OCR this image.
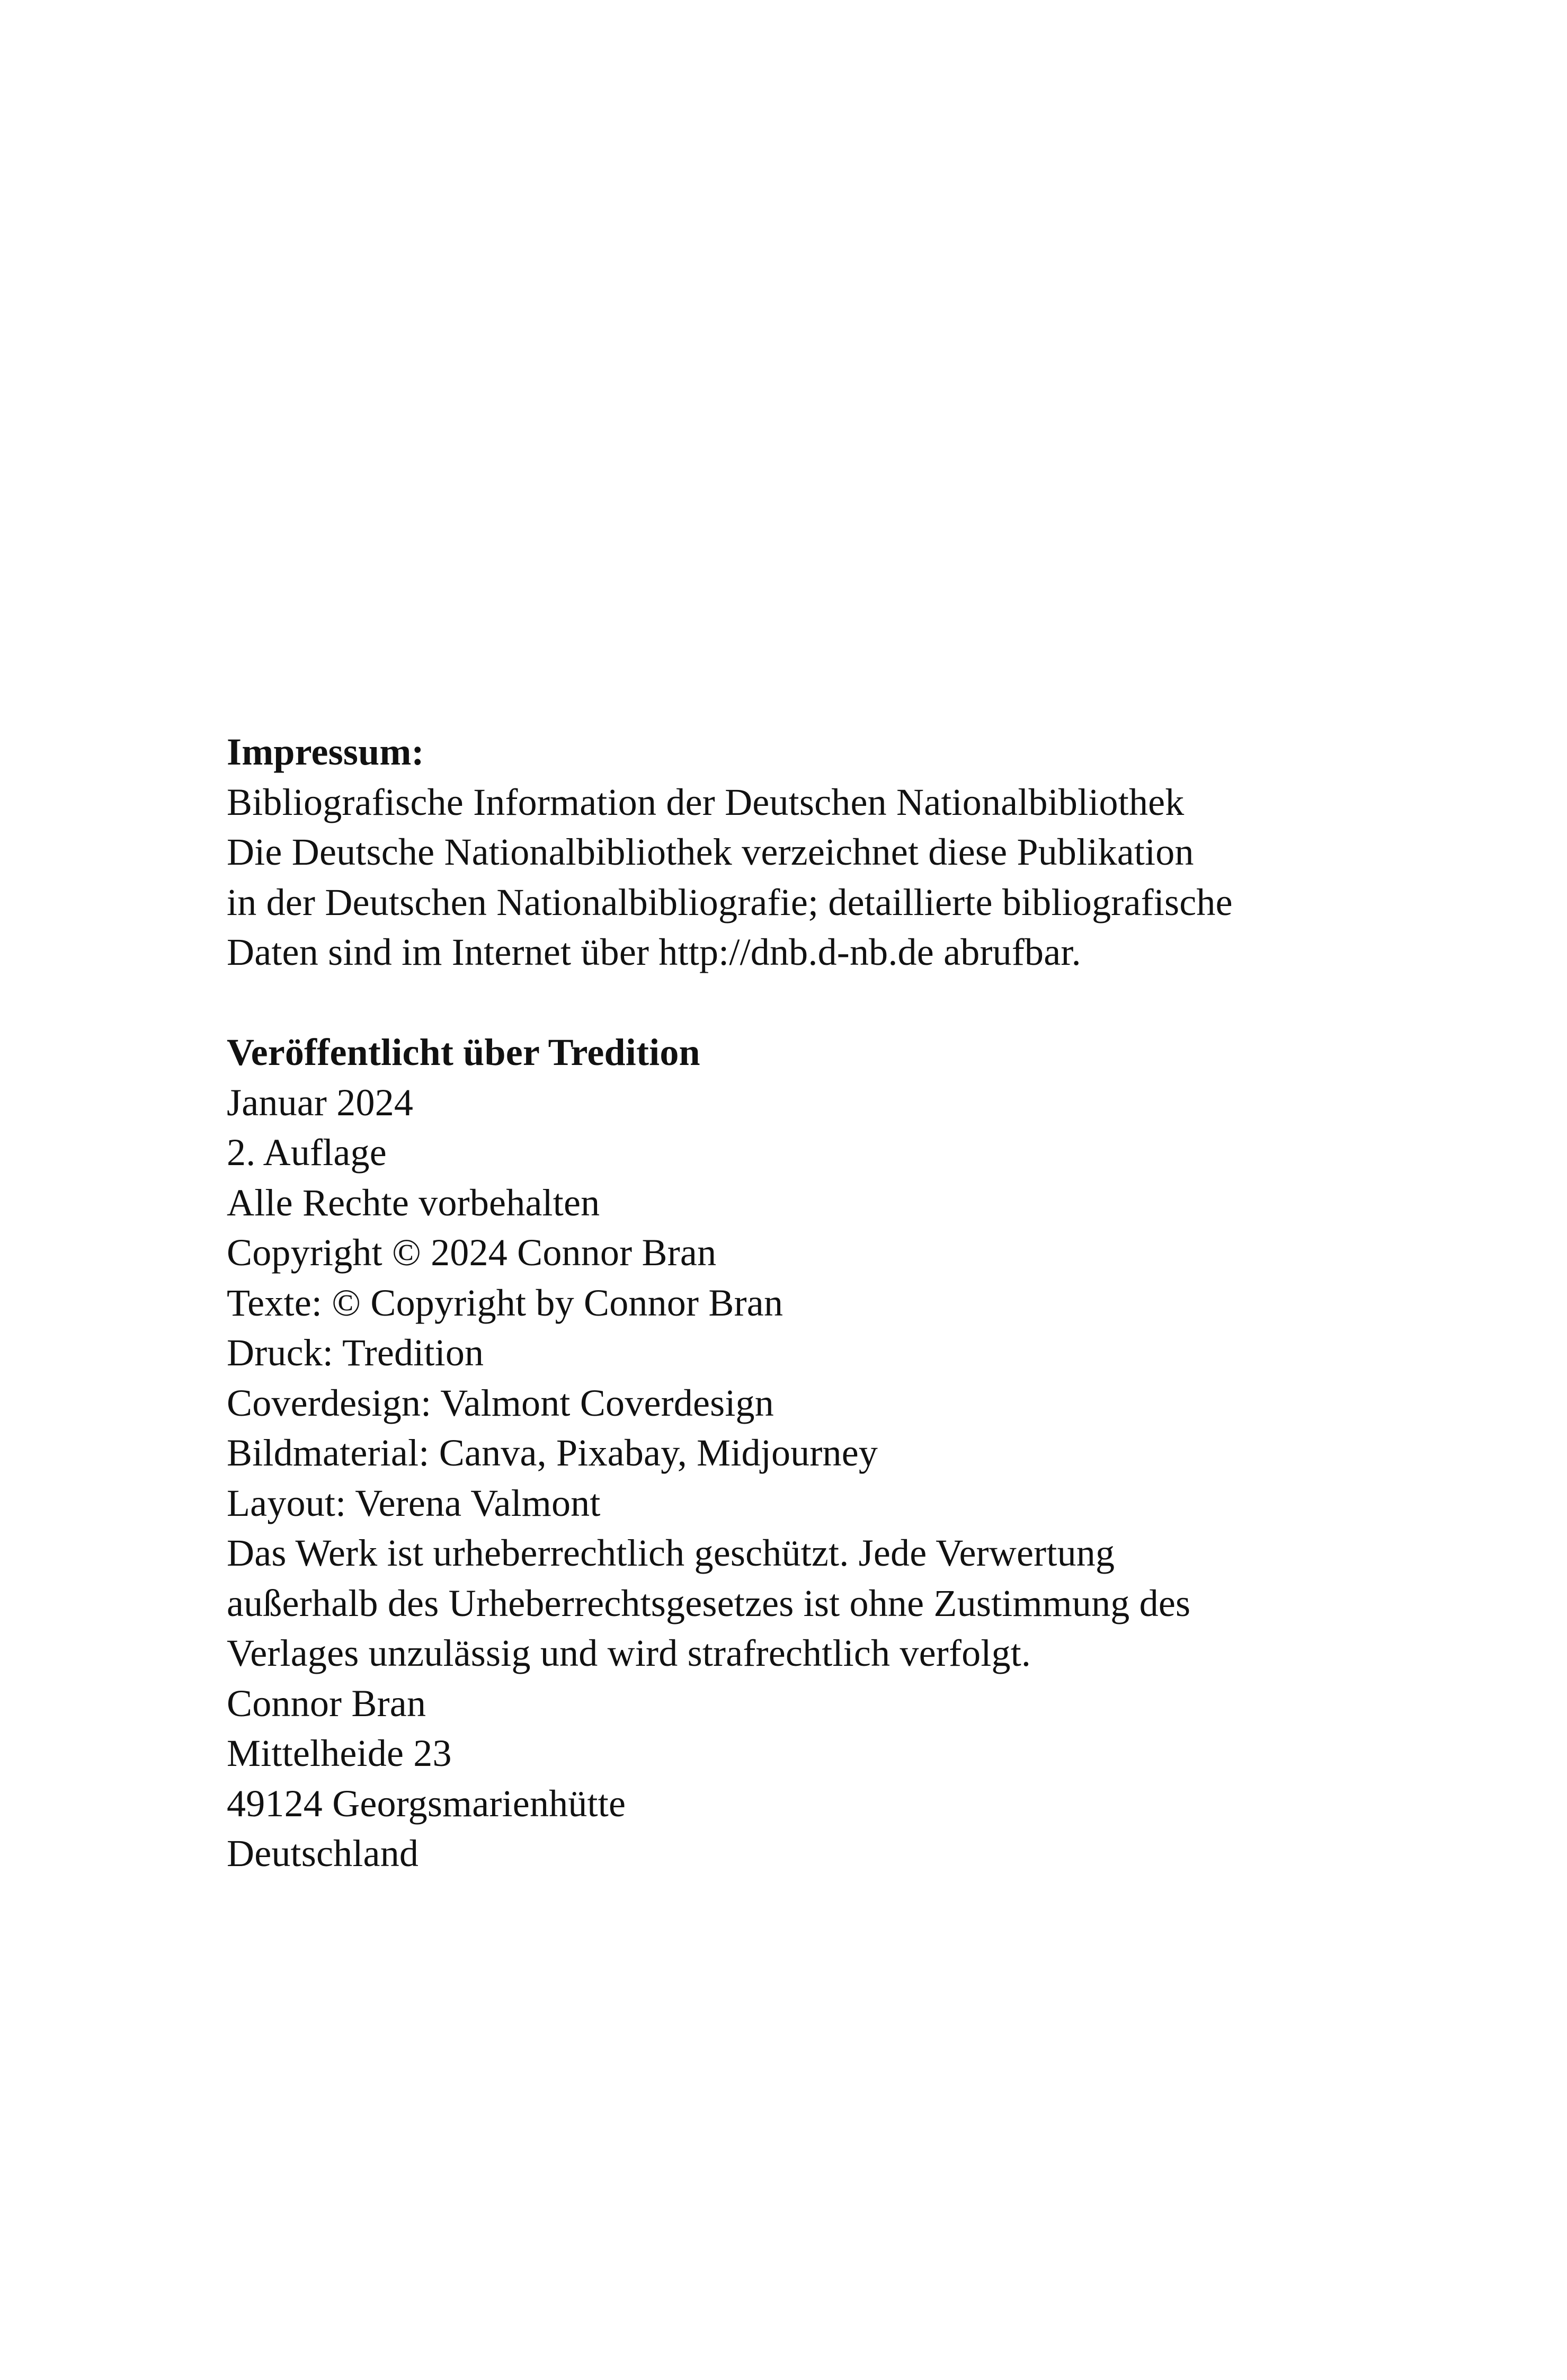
Impressum:
Bibliografische Information der Deutschen Nationalbibliothek
Die Deutsche Nationalbibliothek verzeichnet diese Publikation
in der Deutschen Nationalbibliografie; detaillierte bibliografische
Daten sind im Internet über http://dnb.d-nb.de abrufbar.
Veröffentlicht über Tredition
Januar 2024
2. Auflage
Alle Rechte vorbehalten
Copyright © 2024 Connor Bran
Texte: © Copyright by Connor Bran
Druck: Tredition
Coverdesign: Valmont Coverdesign
Bildmaterial: Canva, Pixabay, Midjourney
Layout: Verena Valmont
Das Werk ist urheberrechtlich geschützt. Jede Verwertung
außerhalb des Urheberrechtsgesetzes ist ohne Zustimmung des
Verlages unzulässig und wird strafrechtlich verfolgt.
Connor Bran
Mittelheide 23
49124 Georgsmarienhütte
Deutschland
